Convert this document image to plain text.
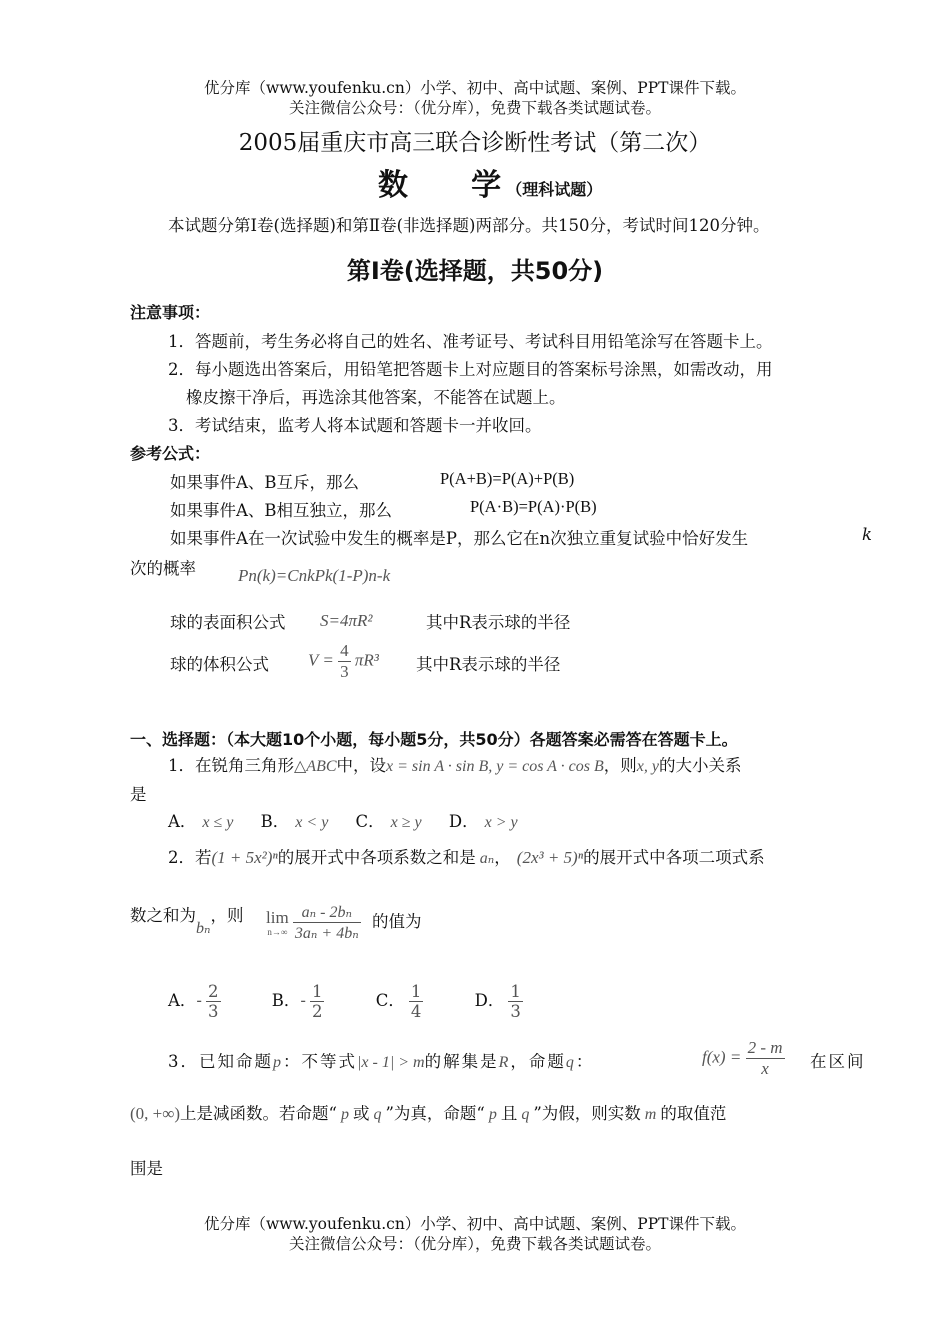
优分库（www.youfenku.cn）小学、初中、高中试题、案例、PPT课件下载。
关注微信公众号：（优分库），免费下载各类试题试卷。
2005届重庆市高三联合诊断性考试（第二次）
数 学 （理科试题）
本试题分第Ⅰ卷(选择题)和第Ⅱ卷(非选择题)两部分。共150分，考试时间120分钟。
第Ⅰ卷(选择题，共50分)
注意事项：
1．答题前，考生务必将自己的姓名、准考证号、考试科目用铅笔涂写在答题卡上。
2．每小题选出答案后，用铅笔把答题卡上对应题目的答案标号涂黑，如需改动，用
橡皮擦干净后，再选涂其他答案，不能答在试题上。
3．考试结束，监考人将本试题和答题卡一并收回。
参考公式：
如果事件A、B互斥，那么	P(A+B)=P(A)+P(B)
如果事件A、B相互独立，那么	P(A·B)=P(A)·P(B)
如果事件A在一次试验中发生的概率是P，那么它在n次独立重复试验中恰好发生	k
次的概率 Pn(k)=CnkPk(1-P)n-k
球的表面积公式 S=4πR²	其中R表示球的半径
球的体积公式 $V = \frac{4}{3} \pi R^3$ 其中R表示球的半径
一、选择题：（本大题10个小题，每小题5分，共50分）各题答案必需答在答题卡上。
1．在锐角三角形△ABC中，设x = sin A · sin B, y = cos A · cos B，则x, y的大小关系
是
A． x ≤ y B． x < y C． x ≥ y D． x > y
2．若(1 + 5x²)ⁿ的展开式中各项系数之和是 aₙ， (2x³ + 5)ⁿ的展开式中各项二项式系
数之和为bₙ，则 lim
n→∞
$\frac{\text{aₙ - 2bₙ}}{\text{3aₙ + 4bₙ}}$ 的值为
A．- $\frac{2}{3}$	B．- $\frac{1}{2}$	C． $\frac{1}{4}$	D． $\frac{1}{3}$
3．已知命题p：不等式|x - 1| > m的解集是R，命题q：	$f(x) = \frac{2 - m}{x}$ 在区间
(0, +∞)上是减函数。若命题“ p 或 q ”为真，命题“ p 且 q ”为假，则实数 m 的取值范
围是
优分库（www.youfenku.cn）小学、初中、高中试题、案例、PPT课件下载。
关注微信公众号：（优分库），免费下载各类试题试卷。
